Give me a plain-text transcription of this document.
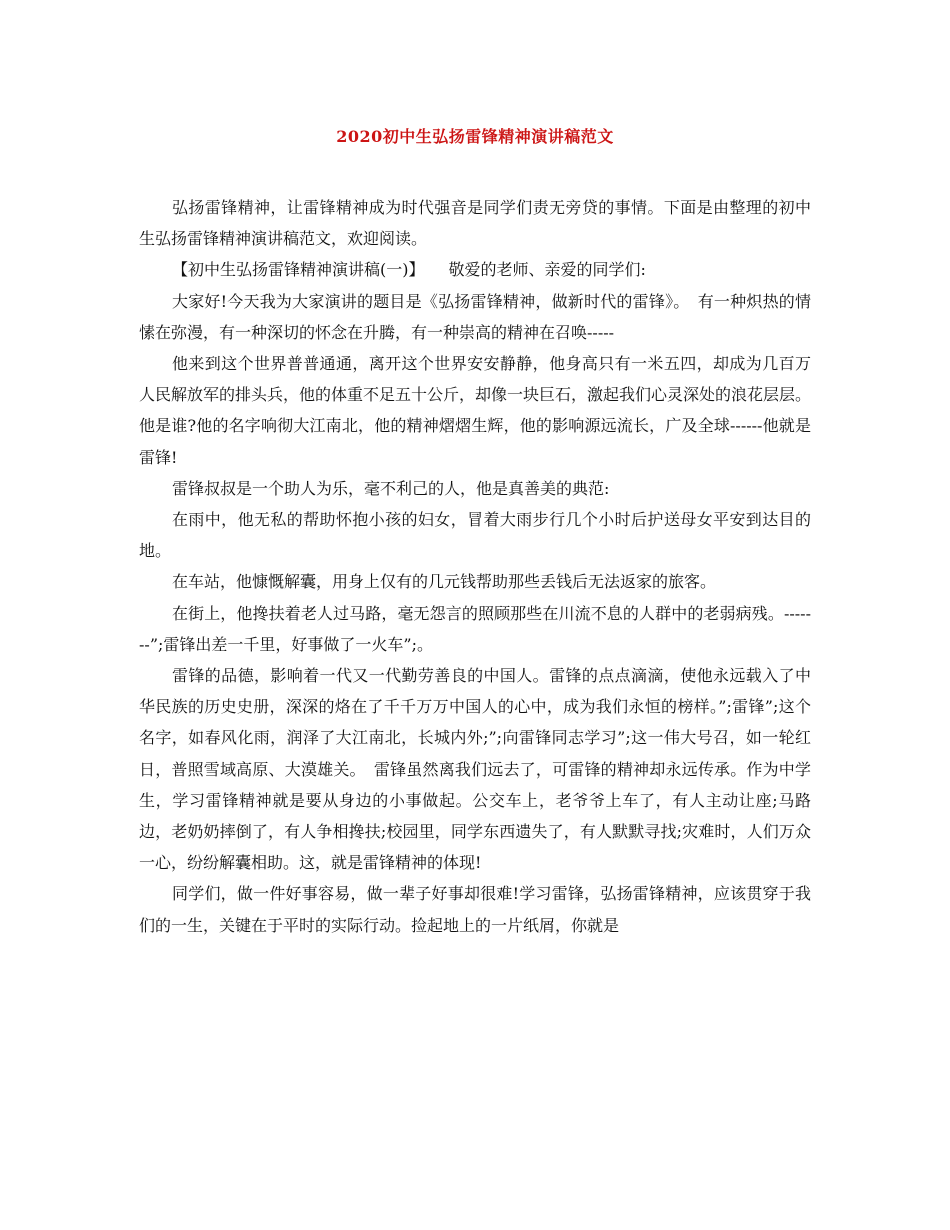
2020初中生弘扬雷锋精神演讲稿范文

弘扬雷锋精神，让雷锋精神成为时代强音是同学们责无旁贷的事情。下面是由整理的初中生弘扬雷锋精神演讲稿范文，欢迎阅读。

【初中生弘扬雷锋精神演讲稿(一)】　　敬爱的老师、亲爱的同学们:

大家好!今天我为大家演讲的题目是《弘扬雷锋精神，做新时代的雷锋》。　有一种炽热的情愫在弥漫，有一种深切的怀念在升腾，有一种崇高的精神在召唤-----

他来到这个世界普普通通，离开这个世界安安静静，他身高只有一米五四，却成为几百万人民解放军的排头兵，他的体重不足五十公斤，却像一块巨石，激起我们心灵深处的浪花层层。他是谁?他的名字响彻大江南北，他的精神熠熠生辉，他的影响源远流长，广及全球------他就是雷锋!

雷锋叔叔是一个助人为乐，毫不利己的人，他是真善美的典范:

在雨中，他无私的帮助怀抱小孩的妇女，冒着大雨步行几个小时后护送母女平安到达目的地。

在车站，他慷慨解囊，用身上仅有的几元钱帮助那些丢钱后无法返家的旅客。

在街上，他搀扶着老人过马路，毫无怨言的照顾那些在川流不息的人群中的老弱病残。-------”;雷锋出差一千里，好事做了一火车”;。

雷锋的品德，影响着一代又一代勤劳善良的中国人。雷锋的点点滴滴，使他永远载入了中华民族的历史史册，深深的烙在了千千万万中国人的心中，成为我们永恒的榜样。”;雷锋”;这个名字，如春风化雨，润泽了大江南北，长城内外;”;向雷锋同志学习”;这一伟大号召，如一轮红日，普照雪域高原、大漠雄关。　雷锋虽然离我们远去了，可雷锋的精神却永远传承。作为中学生，学习雷锋精神就是要从身边的小事做起。公交车上，老爷爷上车了，有人主动让座;马路边，老奶奶摔倒了，有人争相搀扶;校园里，同学东西遗失了，有人默默寻找;灾难时，人们万众一心，纷纷解囊相助。这，就是雷锋精神的体现!

同学们，做一件好事容易，做一辈子好事却很难!学习雷锋，弘扬雷锋精神，应该贯穿于我们的一生，关键在于平时的实际行动。捡起地上的一片纸屑，你就是
